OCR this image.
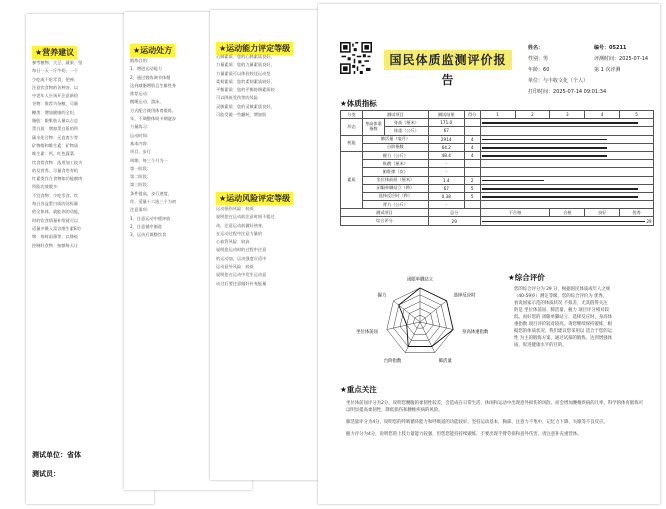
★营养建议

参考植物、大豆、蔬果、坚

每日一天一斤牛奶，一个

少吃或不吃零食、把神、

注意饮食物的各种各、以

中老年人应该开注意新烩

谷物：推荐为杂粮、尽量

糖类：增加健康的全坦、

脂肪：限肌肪人量以占总

蛋白质：增加蛋白质的所

碳水化合物：无直育少等

矿物维和维生素：矿物质

维生素：钙，红色蔬菜、

饮食常食物：选用加工较为

的及营养，尽量食用有机

红素类作合食物如功能腐肉

所能功放脱多：

不宜食物：少吃零食、饮

每日各益蛋白质的达标量

的全体体，就能你的动能，

时的饮食情量补给就可以

适量多摄入富含维生素E的

物：每时雨薄等，以降低

控制好食物：按额每天让

测试单位：省体
测试员：
★运动处方

锻炼目的：

1、增进运动能力

2、通过锻炼调节体循

达到减脂增肌且生雄性身

推荐运动：

跳绳运动、游泳，

方式配合使用体育锻炼，

年，不调整体间卡期逐步

力量练习：

运动时间：

基本内容：

项目、步行

周期、每三个月为一

第一阶段：

第二阶段：

第三阶段：

条件提高，步行速度、

作，适量十六选三个为初

注意事项：

1、注意运动中缓冲放

2、注意循序渐进

3、运动后调整饮食

★运动能力评定等级

心肺素质：您的心肺素质良好，

力量素质：您的力量素质良好，

力量素质可以体验较佳运动型

柔韧素质：您的柔韧素质较好，

平衡素质：您的平衡协调素质较

可以降低受伤等的风险

灵敏素质：您的灵敏素质良好，

可能受做一些翻转，增加肌

★运动风险评定等级

运动损伤风险：较低

说明您在运动前注意时间不超过

动，注意运动前做好热身，

在运动过程中注意力量的

心血管风险：较高

说明您运动时的过程中注意

的运动加，运动强度应适中

运动意外风险：较低

说明您在运动中发生运动意

动过后要注意做好补充能量

国民体质监测评价报告
姓名：	编号：05211
性别：男	评测时间：2025-07-14
年龄：60	第 1 次评测
单位：与丰收文化（个人）
打印时间：2025-07-14 09:01:34
★体质指标
分类	测试项目		测试结果	得分	1	2	3	4	5
形态	身高体重指数	身高（厘米）	171.0						
		体重（公斤）	67						
机能	肺活量（毫升）		2914	4					
	台阶指数		64.2	4					
素质	握力（公斤）		48.4	4					
	纵跳（厘米）		-						
	俯卧撑（次）		-						
	坐位体前屈（厘米）		1.4	2					
	闭眼单脚站立（秒）		67	5					
	选择反应时（秒）		0.38	5					
	背力（公斤）		-						
测试项目			总分		不合格		合格	良好	优秀
综合评分			29		29				
★综合评价
您的综合评分为 29 分，根据国民体质成年人之规
（40-59岁）测定等级，您的综合评价为 优秀，
看说国家示范的体质状况 不拟差，尤其值得关注
的是 坐位体前屈、肺活量、握力 项目评分相对较
低。而好您的 闭眼单脚站立、选择反应时、身高体
重指数 项目评价较对较高。请您继续保持锻炼，根
据您的体质状况，我们建议您采用以 适合于您的运
性 为主的锻炼方案，通过试探的锻炼，达到增强体
质，促进健康水平的目的。
闭眼单脚站立
选择反应时
身高体重指数
肺活量
台阶指数
坐位体前屈
握力
★重点关注
坐位体前屈评分为2分，说明您腰腹的柔韧性较差，会造成在日常生活、休闲和运动中出现意外损伤的风险。而会增加腰椎疾病的几率，科学的体育锻炼可以明显提高柔韧性，降低损伤和腰椎疾病的风险。
肺活量评分为4分，说明您的呼吸循环能力和呼吸道的功能较好，坚持运动基本，胸部、注意力不集中、记忆力下降、失眠等不良反应。
握力评分为4分，说明您的上肢力量能力较强，但您您能持持续锻炼，不要出现手臂劳损和意外伤害，请注意补充重营体。
